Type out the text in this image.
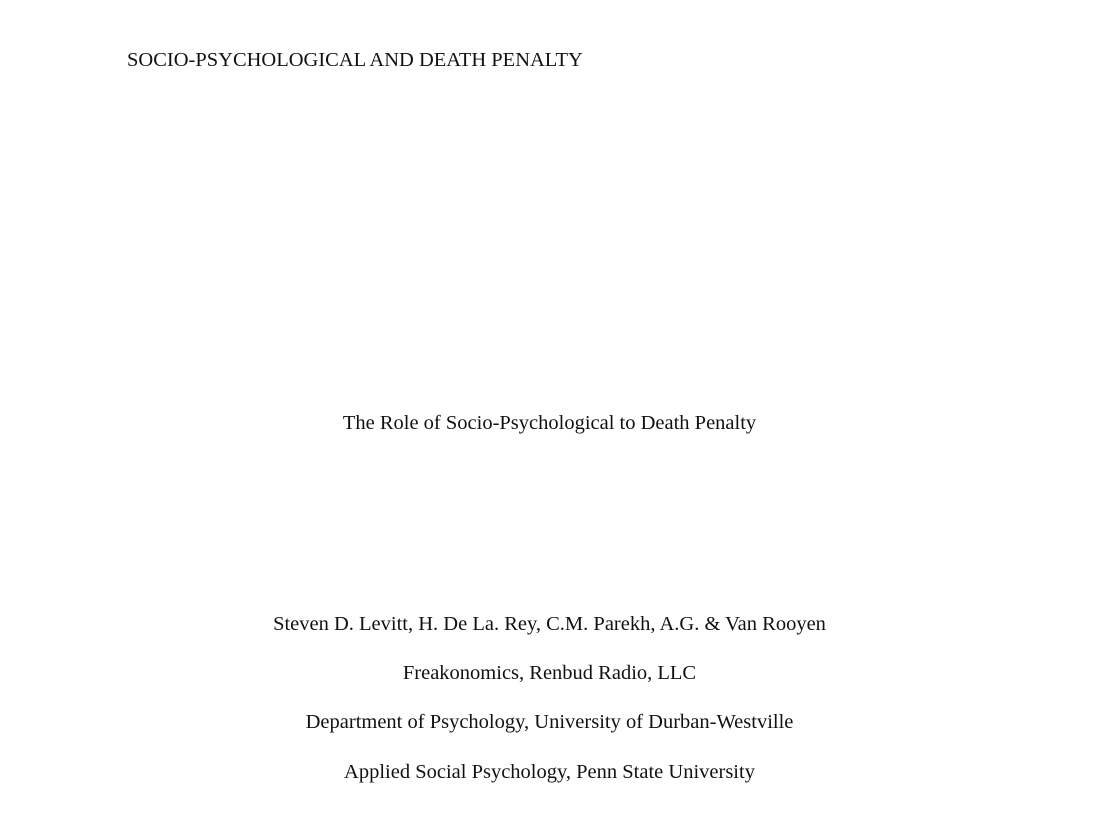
SOCIO-PSYCHOLOGICAL AND DEATH PENALTY
The Role of Socio-Psychological to Death Penalty
Steven D. Levitt, H. De La. Rey, C.M. Parekh, A.G. & Van Rooyen
Freakonomics, Renbud Radio, LLC
Department of Psychology, University of Durban-Westville
Applied Social Psychology, Penn State University
